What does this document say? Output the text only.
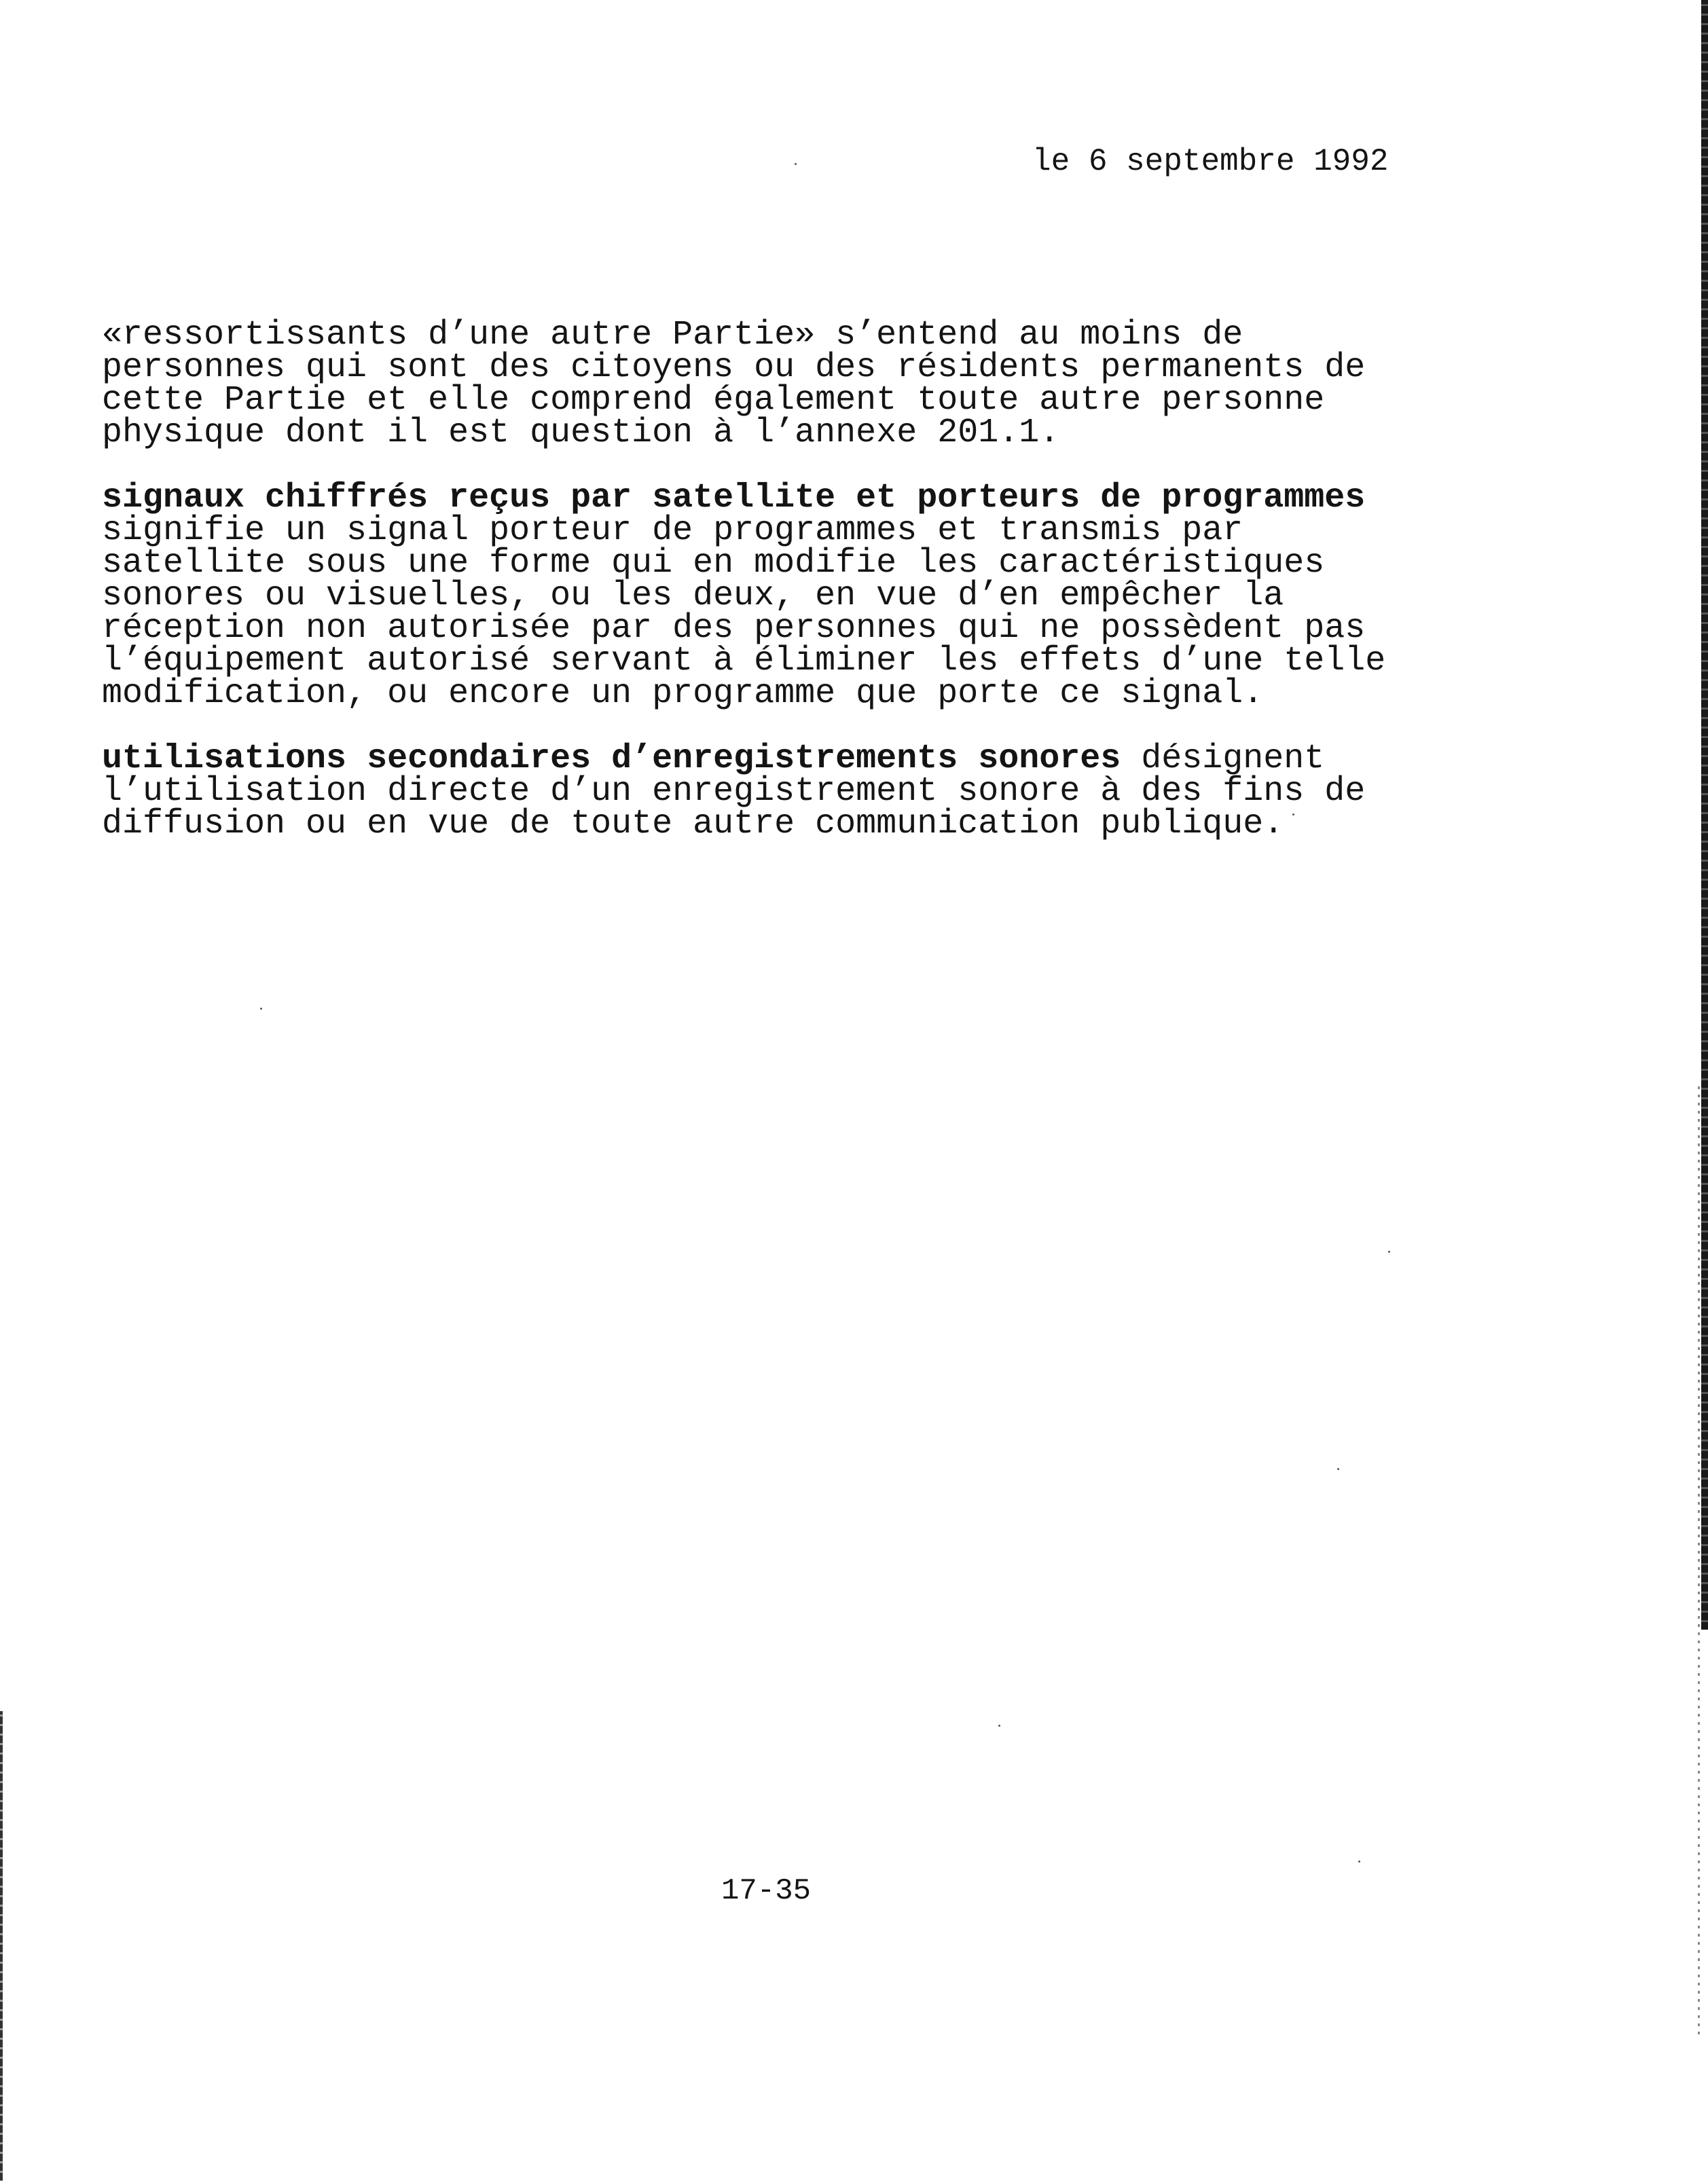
le 6 septembre 1992

«ressortissants d’une autre Partie» s’entend au moins de
personnes qui sont des citoyens ou des résidents permanents de
cette Partie et elle comprend également toute autre personne
physique dont il est question à l’annexe 201.1.

signaux chiffrés reçus par satellite et porteurs de programmes
signifie un signal porteur de programmes et transmis par
satellite sous une forme qui en modifie les caractéristiques
sonores ou visuelles, ou les deux, en vue d’en empêcher la
réception non autorisée par des personnes qui ne possèdent pas
l’équipement autorisé servant à éliminer les effets d’une telle
modification, ou encore un programme que porte ce signal.

utilisations secondaires d’enregistrements sonores désignent
l’utilisation directe d’un enregistrement sonore à des fins de
diffusion ou en vue de toute autre communication publique.

17-35
